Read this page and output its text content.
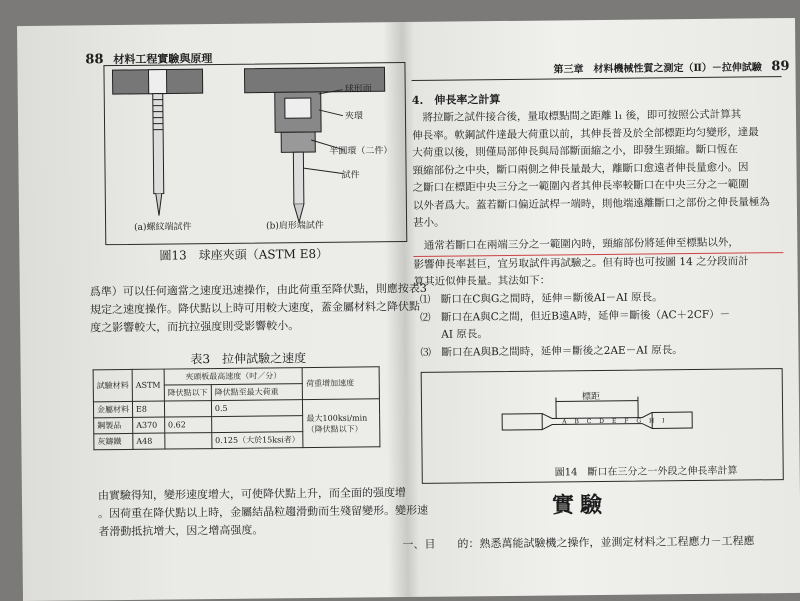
88 材料工程實驗與原理
球形面
夾環
半圓環（二件）
試件
(a)螺紋端試件	(b)肩形端試件
圖13　球座夾頭（ASTM E8）
爲準）可以任何適當之速度迅速操作，由此荷重至降伏點，則應按表3
規定之速度操作。降伏點以上時可用較大速度，蓋金屬材料之降伏點
度之影響較大，而抗拉强度則受影響較小。
表3　拉伸試驗之速度
試驗材料	ASTM	夾頭板最高速度（吋／分）		荷重增加速度
		降伏點以下	降伏點至最大荷重	
金屬材料	E8		0.5	最大100ksi/min（降伏點以下）
鋼製品	A370	0.62		
灰鑄鐵	A48		0.125（大於15ksi者）	
由實驗得知，變形速度增大，可使降伏點上升，而全面的强度增
。因荷重在降伏點以上時，金屬結晶粒趨滑動而生殘留變形。變形速
者滑動抵抗增大，因之增高强度。
第三章　材料機械性質之測定（Ⅱ）－拉伸試驗 89
4.　伸長率之計算
　將拉斷之試件接合後，量取標點間之距離 l₁ 後，即可按照公式計算其
伸長率。軟鋼試件達最大荷重以前，其伸長普及於全部標距均匀變形，達最
大荷重以後，則僅局部伸長與局部斷面縮之小，即發生頸縮。斷口恆在
頸縮部份之中央，斷口兩側之伸長量最大，離斷口愈遠者伸長量愈小。因
之斷口在標距中央三分之一範圍內者其伸長率較斷口在中央三分之一範圍
以外者爲大。蓋若斷口偏近試桿一端時，則他端遠離斷口之部份之伸長量極為
甚小。
　通常若斷口在兩端三分之一範圍內時，頸縮部份將延伸至標點以外，
影響伸長率甚巨，宜另取試件再試驗之。但有時也可按圖 14 之分段而計
算其近似伸長量。其法如下：
⑴　斷口在C與G之間時，延伸＝斷後AI－AI 原長。
⑵　斷口在A與C之間，但近B遠A時，延伸＝斷後（AC＋2CF）－
　　AI 原長。
⑶　斷口在A與B之間時，延伸＝斷後之2AE－AI 原長。
標距
A B C D E F G H I
圖14　斷口在三分之一外段之伸長率計算
實驗
一、目　　的：熟悉萬能試驗機之操作，並測定材料之工程應力－工程應
